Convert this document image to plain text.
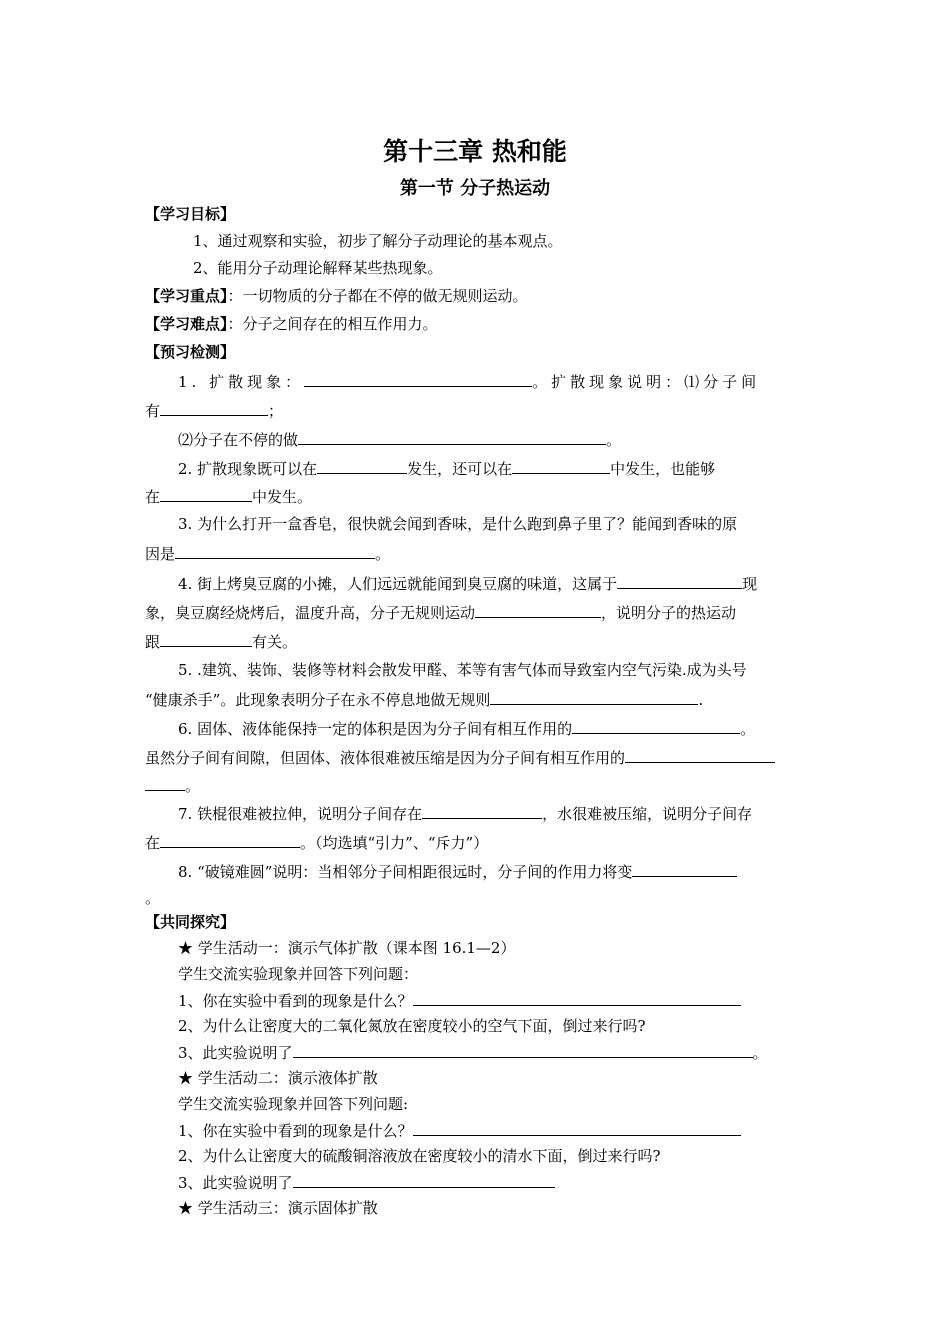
第十三章 热和能
第一节 分子热运动
【学习目标】
1、通过观察和实验，初步了解分子动理论的基本观点。
2、能用分子动理论解释某些热现象。
【学习重点】：一切物质的分子都在不停的做无规则运动。
【学习难点】：分子之间存在的相互作用力。
【预习检测】
1. 扩散现象：	。扩散现象说明：⑴分子间
有	；
⑵分子在不停的做	。
2. 扩散现象既可以在	发生，还可以在	中发生，也能够
在	中发生。
3. 为什么打开一盒香皂，很快就会闻到香味，是什么跑到鼻子里了？能闻到香味的原
因是	。
4. 街上烤臭豆腐的小摊，人们远远就能闻到臭豆腐的味道，这属于	现
象，臭豆腐经烧烤后，温度升高，分子无规则运动	，说明分子的热运动
跟	有关。
5. .建筑、装饰、装修等材料会散发甲醛、苯等有害气体而导致室内空气污染.成为头号
“健康杀手”。此现象表明分子在永不停息地做无规则	.
6. 固体、液体能保持一定的体积是因为分子间有相互作用的	。
虽然分子间有间隙，但固体、液体很难被压缩是因为分子间有相互作用的
。
7. 铁棍很难被拉伸，说明分子间存在	，水很难被压缩，说明分子间存
在	。（均选填“引力”、“斥力”）
8. “破镜难圆”说明：当相邻分子间相距很远时，分子间的作用力将变
。
【共同探究】
★ 学生活动一：演示气体扩散（课本图 16.1—2）
学生交流实验现象并回答下列问题：
1、你在实验中看到的现象是什么？
2、为什么让密度大的二氧化氮放在密度较小的空气下面，倒过来行吗?
3、此实验说明了	。
★ 学生活动二：演示液体扩散
学生交流实验现象并回答下列问题:
1、你在实验中看到的现象是什么？
2、为什么让密度大的硫酸铜溶液放在密度较小的清水下面，倒过来行吗?
3、此实验说明了
★ 学生活动三：演示固体扩散
